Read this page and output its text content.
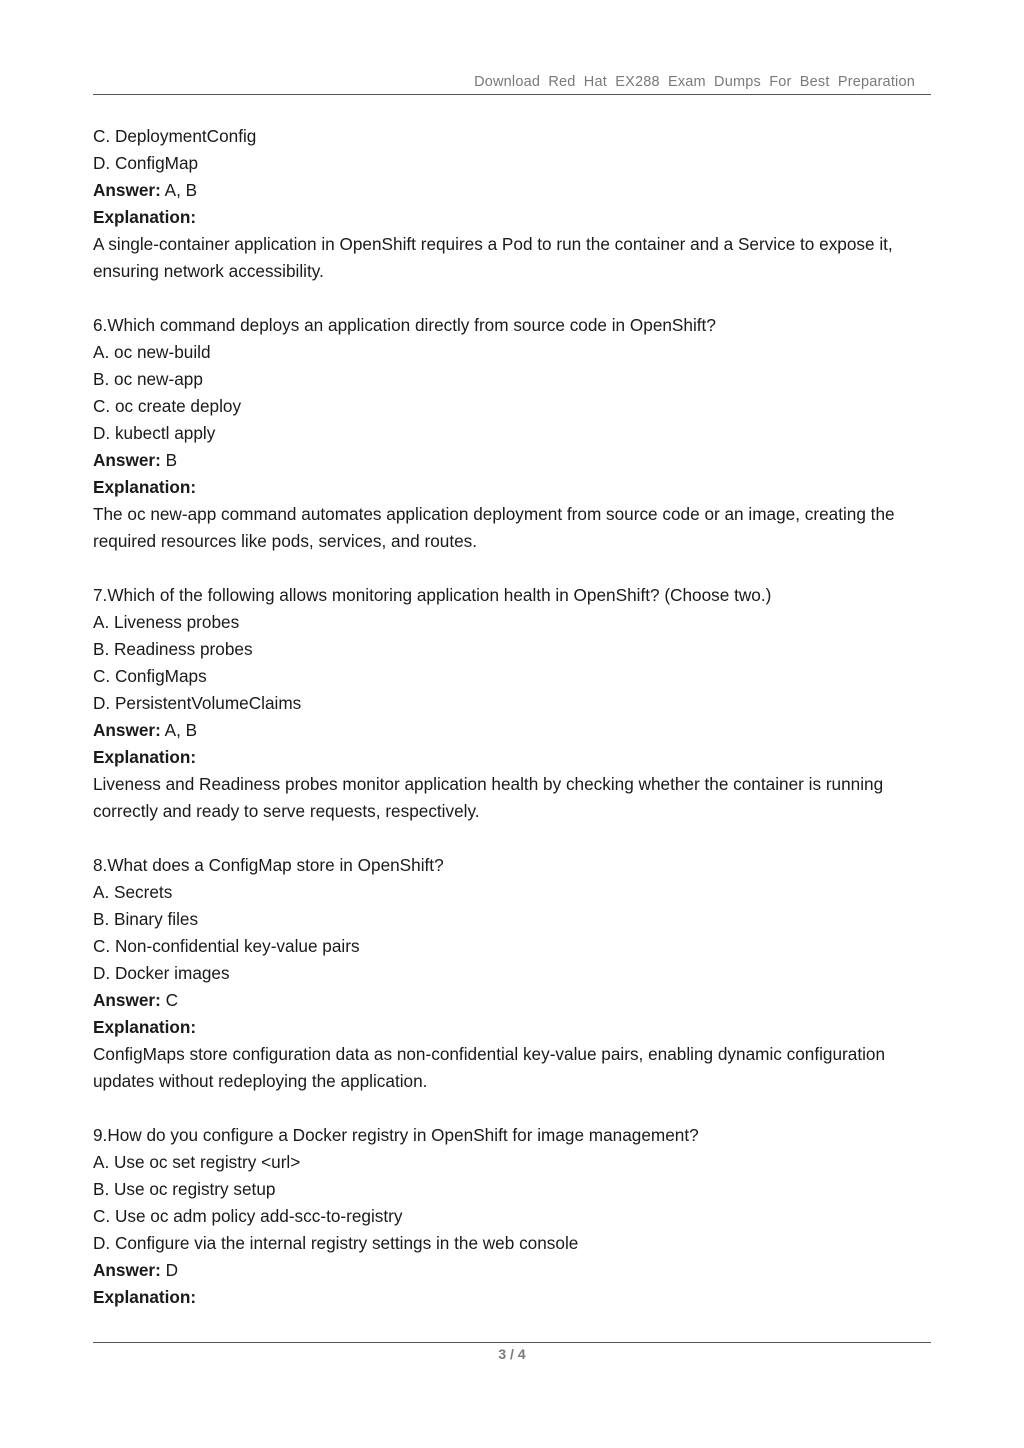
Download Red Hat EX288 Exam Dumps For Best Preparation
C. DeploymentConfig
D. ConfigMap
Answer: A, B
Explanation:
A single-container application in OpenShift requires a Pod to run the container and a Service to expose it, ensuring network accessibility.
6.Which command deploys an application directly from source code in OpenShift?
A. oc new-build
B. oc new-app
C. oc create deploy
D. kubectl apply
Answer: B
Explanation:
The oc new-app command automates application deployment from source code or an image, creating the required resources like pods, services, and routes.
7.Which of the following allows monitoring application health in OpenShift? (Choose two.)
A. Liveness probes
B. Readiness probes
C. ConfigMaps
D. PersistentVolumeClaims
Answer: A, B
Explanation:
Liveness and Readiness probes monitor application health by checking whether the container is running correctly and ready to serve requests, respectively.
8.What does a ConfigMap store in OpenShift?
A. Secrets
B. Binary files
C. Non-confidential key-value pairs
D. Docker images
Answer: C
Explanation:
ConfigMaps store configuration data as non-confidential key-value pairs, enabling dynamic configuration updates without redeploying the application.
9.How do you configure a Docker registry in OpenShift for image management?
A. Use oc set registry <url>
B. Use oc registry setup
C. Use oc adm policy add-scc-to-registry
D. Configure via the internal registry settings in the web console
Answer: D
Explanation:
3 / 4
